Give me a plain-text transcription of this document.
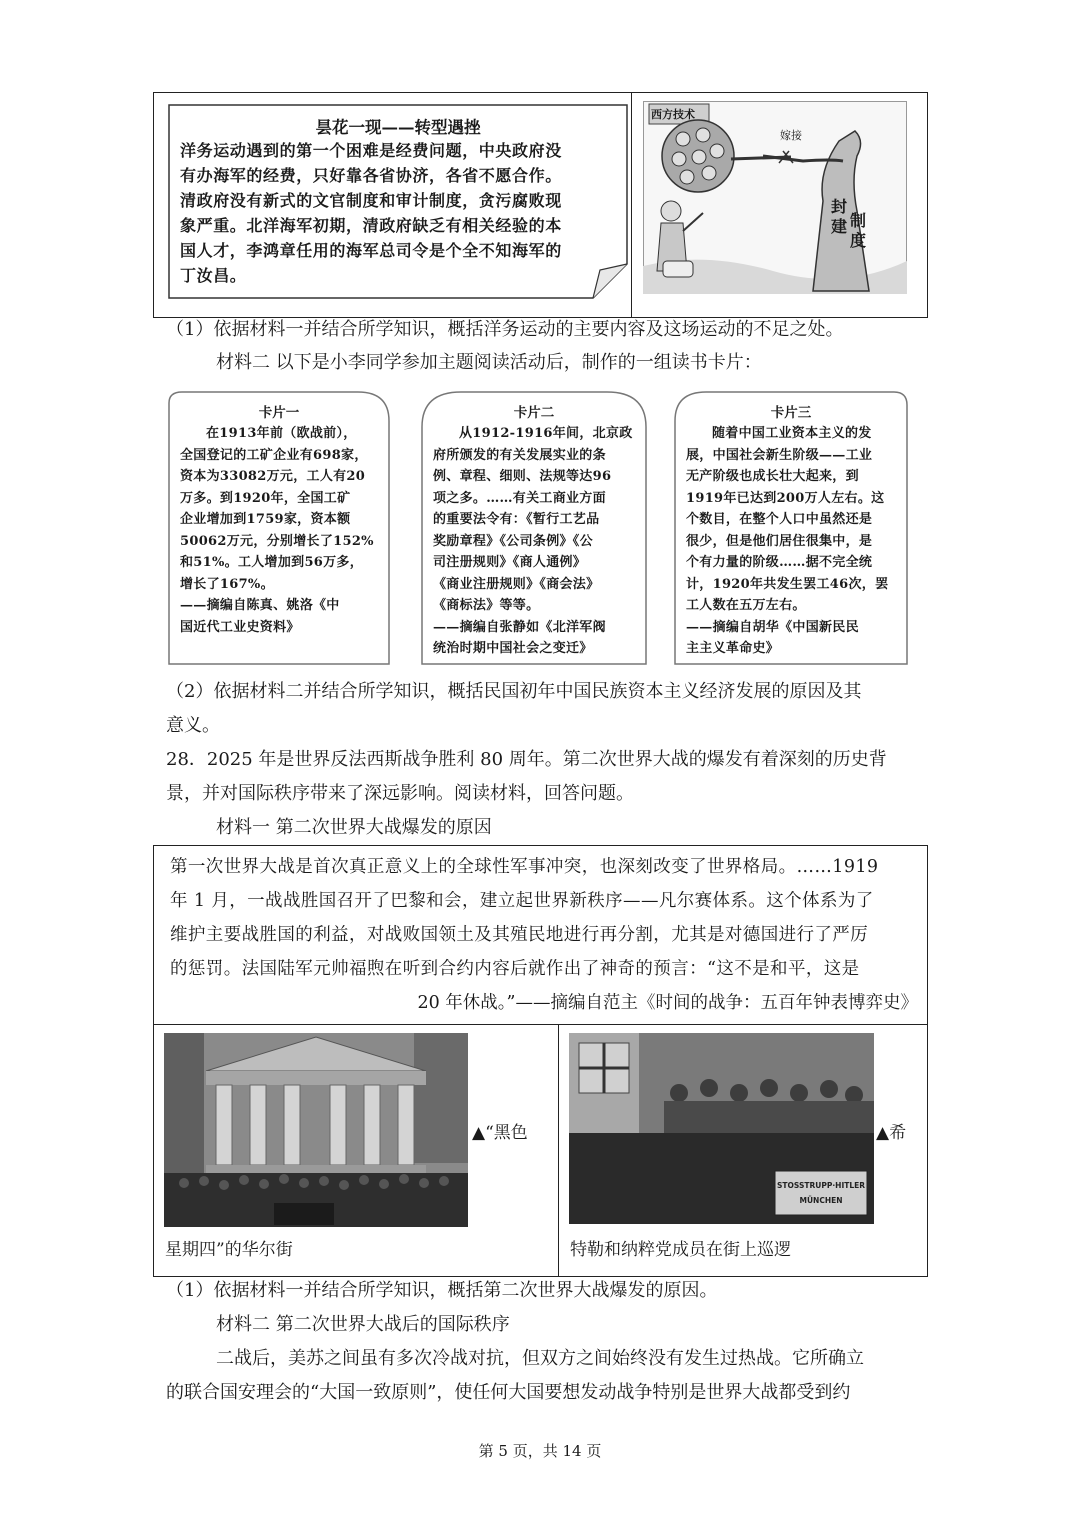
昙花一现——转型遇挫
洋务运动遇到的第一个困难是经费问题，中央政府没
有办海军的经费，只好靠各省协济，各省不愿合作。
清政府没有新式的文官制度和审计制度，贪污腐败现
象严重。北洋海军初期，清政府缺乏有相关经验的本
国人才，李鸿章任用的海军总司令是个全不知海军的
丁汝昌。
西方技术
嫁接
封
建 制
度
（1）依据材料一并结合所学知识，概括洋务运动的主要内容及这场运动的不足之处。
材料二 以下是小李同学参加主题阅读活动后，制作的一组读书卡片：
卡片一
在1913年前（欧战前），
全国登记的工矿企业有698家，
资本为33082万元，工人有20
万多。到1920年，全国工矿
企业增加到1759家，资本额
50062万元，分别增长了152%
和51%。工人增加到56万多，
增长了167%。
——摘编自陈真、姚洛《中
国近代工业史资料》
卡片二
从1912-1916年间，北京政
府所颁发的有关发展实业的条
例、章程、细则、法规等达96
项之多。……有关工商业方面
的重要法令有：《暂行工艺品
奖励章程》《公司条例》《公
司注册规则》《商人通例》
《商业注册规则》《商会法》
《商标法》等等。
——摘编自张静如《北洋军阀
统治时期中国社会之变迁》
卡片三
随着中国工业资本主义的发
展，中国社会新生阶级——工业
无产阶级也成长壮大起来，到
1919年已达到200万人左右。这
个数目，在整个人口中虽然还是
很少，但是他们居住很集中，是
个有力量的阶级……据不完全统
计，1920年共发生罢工46次，罢
工人数在五万左右。
——摘编自胡华《中国新民民
主主义革命史》
（2）依据材料二并结合所学知识，概括民国初年中国民族资本主义经济发展的原因及其
意义。
28．2025 年是世界反法西斯战争胜利 80 周年。第二次世界大战的爆发有着深刻的历史背
景，并对国际秩序带来了深远影响。阅读材料，回答问题。
材料一 第二次世界大战爆发的原因
第一次世界大战是首次真正意义上的全球性军事冲突，也深刻改变了世界格局。……1919
年 1 月，一战战胜国召开了巴黎和会，建立起世界新秩序——凡尔赛体系。这个体系为了
维护主要战胜国的利益，对战败国领土及其殖民地进行再分割，尤其是对德国进行了严厉
的惩罚。法国陆军元帅福煦在听到合约内容后就作出了神奇的预言：“这不是和平，这是
20 年休战。”——摘编自范主《时间的战争：五百年钟表博弈史》
▲“黑色
星期四”的华尔街
STOSSTRUPP·HITLER
MÜNCHEN
▲希
特勒和纳粹党成员在街上巡逻
（1）依据材料一并结合所学知识，概括第二次世界大战爆发的原因。
材料二 第二次世界大战后的国际秩序
二战后，美苏之间虽有多次冷战对抗，但双方之间始终没有发生过热战。它所确立
的联合国安理会的“大国一致原则”，使任何大国要想发动战争特别是世界大战都受到约
第 5 页，共 14 页
